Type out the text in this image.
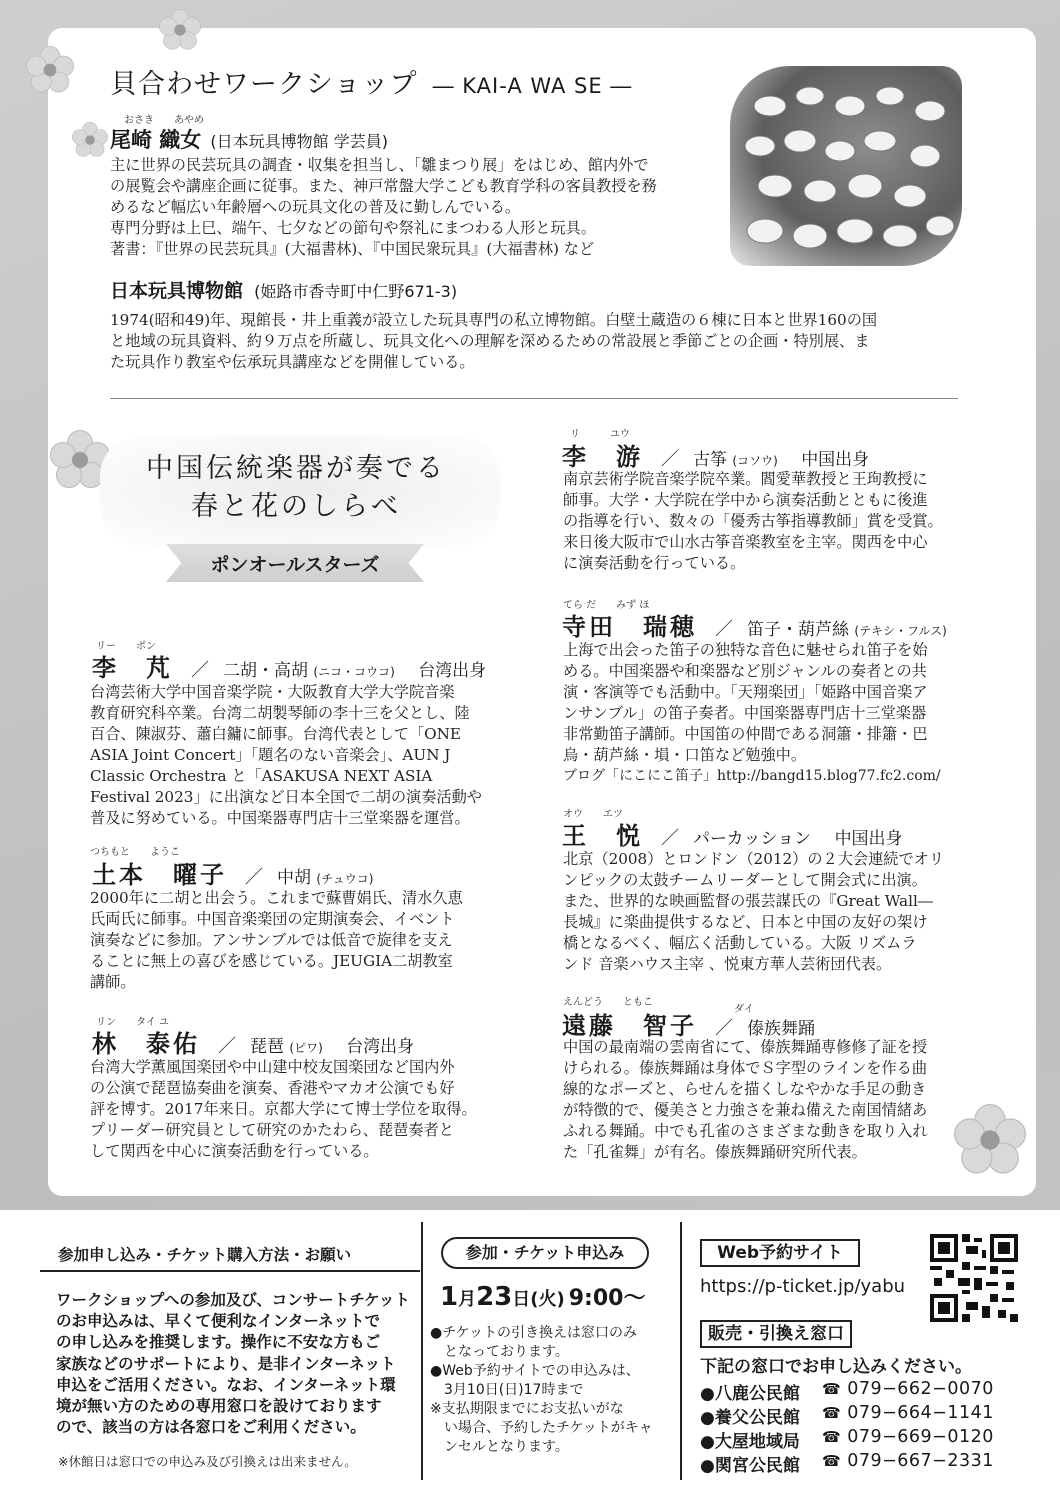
貝合わせワークショップ ― KAI-A WA SE ―
おさき　　あやめ
尾崎 織女 (日本玩具博物館 学芸員)

主に世界の民芸玩具の調査・収集を担当し、「雛まつり展」をはじめ、館内外で

の展覧会や講座企画に従事。また、神戸常盤大学こども教育学科の客員教授を務

めるなど幅広い年齢層への玩具文化の普及に勤しんでいる。

専門分野は上巳、端午、七夕などの節句や祭礼にまつわる人形と玩具。

著書：『世界の民芸玩具』(大福書林)、『中国民衆玩具』(大福書林) など

日本玩具博物館 (姫路市香寺町中仁野671-3)

1974(昭和49)年、現館長・井上重義が設立した玩具専門の私立博物館。白壁土蔵造の６棟に日本と世界160の国

と地域の玩具資料、約９万点を所蔵し、玩具文化への理解を深めるための常設展と季節ごとの企画・特別展、ま

た玩具作り教室や伝承玩具講座などを開催している。

中国伝統楽器が奏でる
春と花のしらべ
ポンオールスターズ
リー　　ポン
李　芃 ／ 二胡・高胡 (ニコ・コウコ) 台湾出身

台湾芸術大学中国音楽学院・大阪教育大学大学院音楽

教育研究科卒業。台湾二胡製琴師の李十三を父とし、陸

百合、陳淑芬、蕭白鏞に師事。台湾代表として「ONE

ASIA Joint Concert」「題名のない音楽会」、AUN J

Classic Orchestra と「ASAKUSA NEXT ASIA

Festival 2023」に出演など日本全国で二胡の演奏活動や

普及に努めている。中国楽器専門店十三堂楽器を運営。

つちもと　　ようこ
土本　曜子 ／ 中胡 (チュウコ)

2000年に二胡と出会う。これまで蘇曹娟氏、清水久恵

氏両氏に師事。中国音楽楽団の定期演奏会、イベント

演奏などに参加。アンサンブルでは低音で旋律を支え

ることに無上の喜びを感じている。JEUGIA二胡教室

講師。

リン　　タイ ユ
林　泰佑 ／ 琵琶 (ピワ) 台湾出身

台湾大学薫風国楽団や中山建中校友国楽団など国内外

の公演で琵琶協奏曲を演奏、香港やマカオ公演でも好

評を博す。2017年来日。京都大学にて博士学位を取得。

プリーダー研究員として研究のかたわら、琵琶奏者と

して関西を中心に演奏活動を行っている。

リ　　　ユウ
李　游 ／ 古筝 (コソウ) 中国出身

南京芸術学院音楽学院卒業。閻愛華教授と王珣教授に

師事。大学・大学院在学中から演奏活動とともに後進

の指導を行い、数々の「優秀古筝指導教師」賞を受賞。

来日後大阪市で山水古筝音楽教室を主宰。関西を中心

に演奏活動を行っている。

てら だ　　みず ほ
寺田　瑞穂 ／ 笛子・葫芦絲 (テキシ・フルス)

上海で出会った笛子の独特な音色に魅せられ笛子を始

める。中国楽器や和楽器など別ジャンルの奏者との共

演・客演等でも活動中。「天翔楽団」「姫路中国音楽ア

ンサンブル」の笛子奏者。中国楽器専門店十三堂楽器

非常勤笛子講師。中国笛の仲間である洞簫・排簫・巴

烏・葫芦絲・塤・口笛など勉強中。

ブログ「にこにこ笛子」http://bangd15.blog77.fc2.com/

オウ　　エツ
王　悦 ／ パーカッション 中国出身

北京（2008）とロンドン（2012）の２大会連続でオリ

ンピックの太鼓チームリーダーとして開会式に出演。

また、世界的な映画監督の張芸謀氏の『Great Wall―

長城』に楽曲提供するなど、日本と中国の友好の架け

橋となるべく、幅広く活動している。大阪 リズムラ

ンド 音楽ハウス主宰 、悦東方華人芸術団代表。

えんどう　　ともこ
ダイ
遠藤　智子 ／ 傣族舞踊

中国の最南端の雲南省にて、傣族舞踊専修修了証を授

けられる。傣族舞踊は身体でＳ字型のラインを作る曲

線的なポーズと、らせんを描くしなやかな手足の動き

が特徴的で、優美さと力強さを兼ね備えた南国情緒あ

ふれる舞踊。中でも孔雀のさまざまな動きを取り入れ

た「孔雀舞」が有名。傣族舞踊研究所代表。

参加申し込み・チケット購入方法・お願い

ワークショップへの参加及び、コンサートチケット

のお申込みは、早くて便利なインターネットで

の申し込みを推奨します。操作に不安な方もご

家族などのサポートにより、是非インターネット

申込をご活用ください。なお、インターネット環

境が無い方のための専用窓口を設けております

ので、該当の方は各窓口をご利用ください。

※休館日は窓口での申込み及び引換えは出来ません。
参加・チケット申込み
1月23日(火) 9:00〜

●チケットの引き換えは窓口のみ

　となっております。

●Web予約サイトでの申込みは、

　3月10日(日)17時まで

※支払期限までにお支払いがな

　い場合、予約したチケットがキャ

　ンセルとなります。

Web予約サイト
https://p-ticket.jp/yabu
販売・引換え窓口
下記の窓口でお申し込みください。
●八鹿公民館 ☎ 079−662−0070
●養父公民館 ☎ 079−664−1141
●大屋地域局 ☎ 079−669−0120
●関宮公民館 ☎ 079−667−2331
